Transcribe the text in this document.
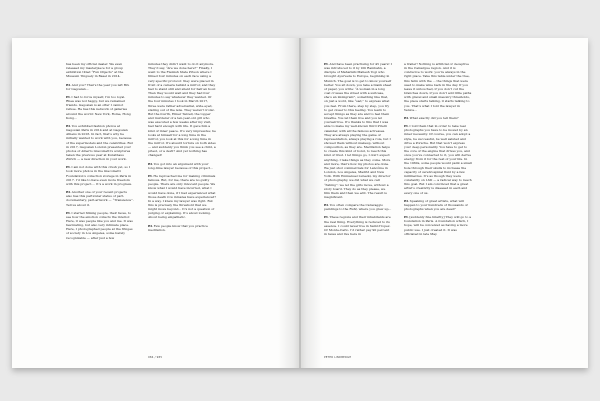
has been my official dealer. We even released my masterpiece for a group exhibition titled “Fun Objects” at the Museum Tinguely in Basel in 2014.

RL And you? That’s the year you left Bru for Gagosian...

PL I had to force myself, I’m too loyal. Rhea was not happy, but we remained friends. Gagosian is an offer I cannot refuse. He has this network of galleries around the world: New York, Rome, Hong Kong...

RL You exhibited fashion photos at Gagosian Paris in 2014 and at Gagosian Athens in 2016. In fact, that’s why he initially wanted to work with you, because of the supermodels and the celebrities. But in 2017, Gagosian London presented your photos of Alberto Giacometti’s sculptures taken the previous year at Kunsthaus Zürich — a new direction in your work.

PL I am not done with this crush yet, so I took more photos in the Giacometti Foundation’s collection storage in Paris in 2017. I’d like to have even more freedom with this project.... It’s a work in progress.

RL Another one of your recent projects also has this particular status of part-documentary, part-artwork — “Transience”. Tell us about it.

PL I started filming people, their faces, to see how the emotion collects the interior. Here, it was people like you and me. It was fascinating, but also very intimate place. Here, I photographed people at the fringes of society in Los Angeles, some barely recognizable — after just a few

minutes they didn’t want to do it anymore. They’d say, “Are we done here?” Finally, I went to the Flemish State Prison where I filmed four minutes on each face using a very specific protocol: they were placed in front of a camera behind a mirror, and they had to stand still and silent for half an hour. Then they would wait and they had four minutes to say whatever they wanted. Of the four minutes I took in March 2017, three were rather adversarial, wide-eyed, staring out of the lens. They weren’t ironic. But the fourth, Elmer Tarzell, the topper and murderer of a ten-year-old girl who was executed a few weeks after my visit, had hard enough with life. It gave him a kind of inner peace. It’s very impressive; he looks at himself for a long time in the mirror, you look at this for a long time in the mirror. It’s absurd torture on both sides — and suddenly you think you see a child, a priest, or a devil? And yet nothing has changed!

RL You got into an argument with your long-time lawyer because of this project...

PL He reproached me for making criminals famous. But, for me, there are no guilty people. There are only innocent people. We know what I would have incurred, what I would have done, if I had experienced what those death row inmates have experienced? In a way, I knew my lawyer was right. But this is precisely the threshold that we might move beyond... It’s not a question of judging or explaining. It’s about looking. About being empathetic.

RL Few people know that you practice meditation.

984 / 985

PL And have been practising for 45 years! I was introduced to it by Ulli Rambahn, a disciple of Maharishi Mahesh Yogi who brought Ayurveda to Europe, beginning in Munich. The goal is to get to know yourself better. You sit down, you take a blank sheet of paper, you write: “A woman in a long coat crosses the street with a suitcase, she’s an immigrant”, something like that, on just a word, like “sad,” to express what you feel. From there, step by step, you try to get closer to this feeling. You learn to accept things as they are and to feel them breathe. You let them live and you let yourself live. It’s thanks to this that I was able to make my well-known third Pirelli calendar, with all the famous actresses. They are always playing the game of representation, always playing a role, but I showed them without makeup, without composition, as they are. Meditation helps to create this kind of bond, to reach this kind of trust. I let things go, I don’t expect anything, I take things as they come. More and more, that’s how my photos are done. We just shot commercials for Lancôme in London, Los Angeles, Madrid and New York. With Emmanuel Lubezki, my director of photography, we did what we call “fishing”: we let the girls move, without a story board. They do as they please, we film them and then we edit. The result is magnificent.

RL You often compare the Caravaggio paintings to the Ruhr, where you grew up...

PL These regions and their inhabitants are the real thing. Everything is reduced to its essence. I could never live in Saint-Tropez. Or Monte-Carlo. I’d rather pay 90 percent in taxes and live here in

a trailer! Nothing is artificial or deceptive in the Camargue region. And it is conducive to work: you’re always in the right place. Take this table under the tree, this farm with the ... the things that were used to make wine back in the day. If you leave it untouched, if you don’t cut the branches down, if you don’t add little paths with gravel and small masonry thresholds, the place starts talking, it starts talking to you. That’s what I told the lawyer in Venice...

RL What exactly did you tell them?

PL I told them that in order to take real photographs you have to be moved by an inner necessity. Of course, you can adopt a style, be successful, be well saluted and drive a Porsche. But that won’t express your deep personality. You have to get to the core of the engine that drives you, and once you’ve connected to it, you will derive energy from it for the rest of your life. In the 1960s, some people would paint a small hole through their skulls to increase the capacity of cerebrospinal fluid by a few millimetres. It’s as though they were constantly on LSD — a radical way to reach this goal. But I am convinced that a great artist’s creativity is diseased in each and every one of us.

RL Speaking of great artists, what will happen to your hundreds of thousands of photographs when you are dead?

PL [suddenly fine hilarity] They will go to a foundation in Paris. A foundation which, I hope, will be conceived as having a more public use. I just created it. It was officiated in late May.

PETER LINDBERGH
